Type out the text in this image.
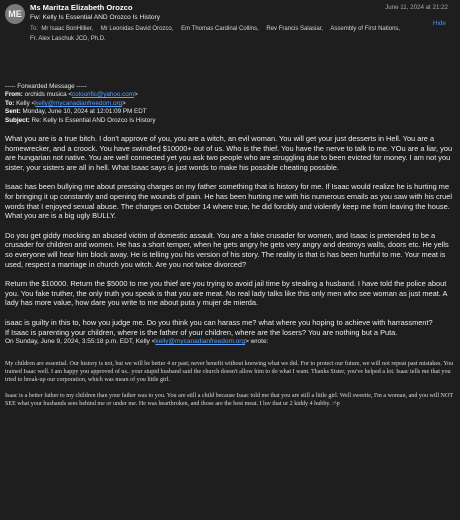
ME
Ms Maritza Elizabeth Orozco
Fw: Kelly Is Essential AND Orozco Is History
To: Mr Isaac BonHillier, Mr Leonidas David Orozco, Em Thomas Cardinal Collins, Rev Francis Salasiar, Assembly of First Nations, Fr. Alex Laschuk JCD, Ph.D.
June 11, 2024 at 21:22
Hide
----- Forwarded Message -----
From: orchids musica <colourific@yahoo.com>
To: Kelly <kelly@mycanadianfreedom.org>
Sent: Monday, June 10, 2024 at 12:01:09 PM EDT
Subject: Re: Kelly Is Essential AND Orozco Is History
What you are is a true bitch. I don't approve of you, you are a witch, an evil woman. You will get your just desserts in Hell. You are a homewrecker, and a croock. You have swindled $10000+ out of us. Who is the thief. You have the nerve to talk to me. YOu are a liar, you are hungarian not native. You are well connected yet you ask two people who are struggling due to been evicted for money. I am not you sister, your sisters are all in hell. What Isaac says is just words to make his possible cheating possible.
Isaac has been bullying me about pressing charges on my father something that is history for me. If Isaac would realize he is hurting me for bringing it up constantly and opening the wounds of pain. He has been hurting me with his numerous emails as you saw with his cruel words that I enjoyed sexual abuse. The charges on October 14 where true, he did forcibly and violently keep me from leaving the house. What you are is a big ugly BULLY.
Do you get giddy mocking an abused victim of domestic assault. You are a fake crusader for women, and Isaac is pretended to be a crusader for children and women. He has a short temper, when he gets angry he gets very angry and destroys walls, doors etc. He yells so everyone will hear him block away. He is telling you his version of his story. The reality is that is has been hurtful to me. Your meat is used, respect a marriage in church you witch. Are you not twice divorced?
Return the $10000. Return the $5000 to me you thief are you trying to avoid jail time by stealing a husband. I have told the police about you. You fake truther, the only truth you speak is that you are meat. No real lady talks like this only men who see woman as just meat. A lady has more value, how dare you write to me about puta y mujer de mierda.
isaac is guilty in this to, how you judge me. Do you think you can harass me? what where you hoping to achieve with harrassment?
If Isaac is parenting your children, where is the father of your children, where are the losers? You are nothing but a Puta.
On Sunday, June 9, 2024, 3:55:18 p.m. EDT, Kelly <kelly@mycanadianfreedom.org> wrote:
My children are essential. Our history is not, but we will be better 4 ur past; never benefit without knowing what we did. For to protect our future, we will not repeat past mistakes. You trained Isaac well. I am happy you approved of us.. your stupid husband said the church doesn't allow him to do what I want. Thanks Sister, you've helped a lot. Isaac tells me that you tried to break-up our corporation, which was mean of you little girl.
Isaac is a better father to my children than your father was to you. You are still a child because Isaac told me that you are still a little girl. Well sweetie, I'm a woman, and you will NOT SEE what your husbands sees behind me or under me. He was heartbroken, and those are the best meat. I luv that ur 2 kiddy 4 hubby. :^p
